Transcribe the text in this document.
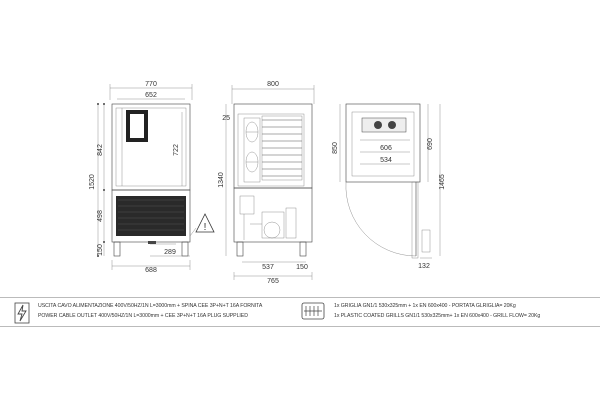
770
652
722
842
1520
498
150	289
688
!
800
25
1340
537	150
765
606
534
132
850	690
1465
USCITA CAVO ALIMENTAZIONE 400V/50HZ/1N L=3000mm + SPINA CEE 3P+N+T 16A FORNITA
POWER CABLE OUTLET 400V/50HZ/1N L=3000mm + CEE 3P+N+T 16A PLUG SUPPLIED
1x GRIGLIA GN1/1 530x325mm + 1x EN 600x400 - PORTATA GLRIGLIA= 20Kg
1x PLASTIC COATED GRILLS GN1/1 530x325mm+ 1x EN 600x400 - GRILL FLOW= 20Kg
